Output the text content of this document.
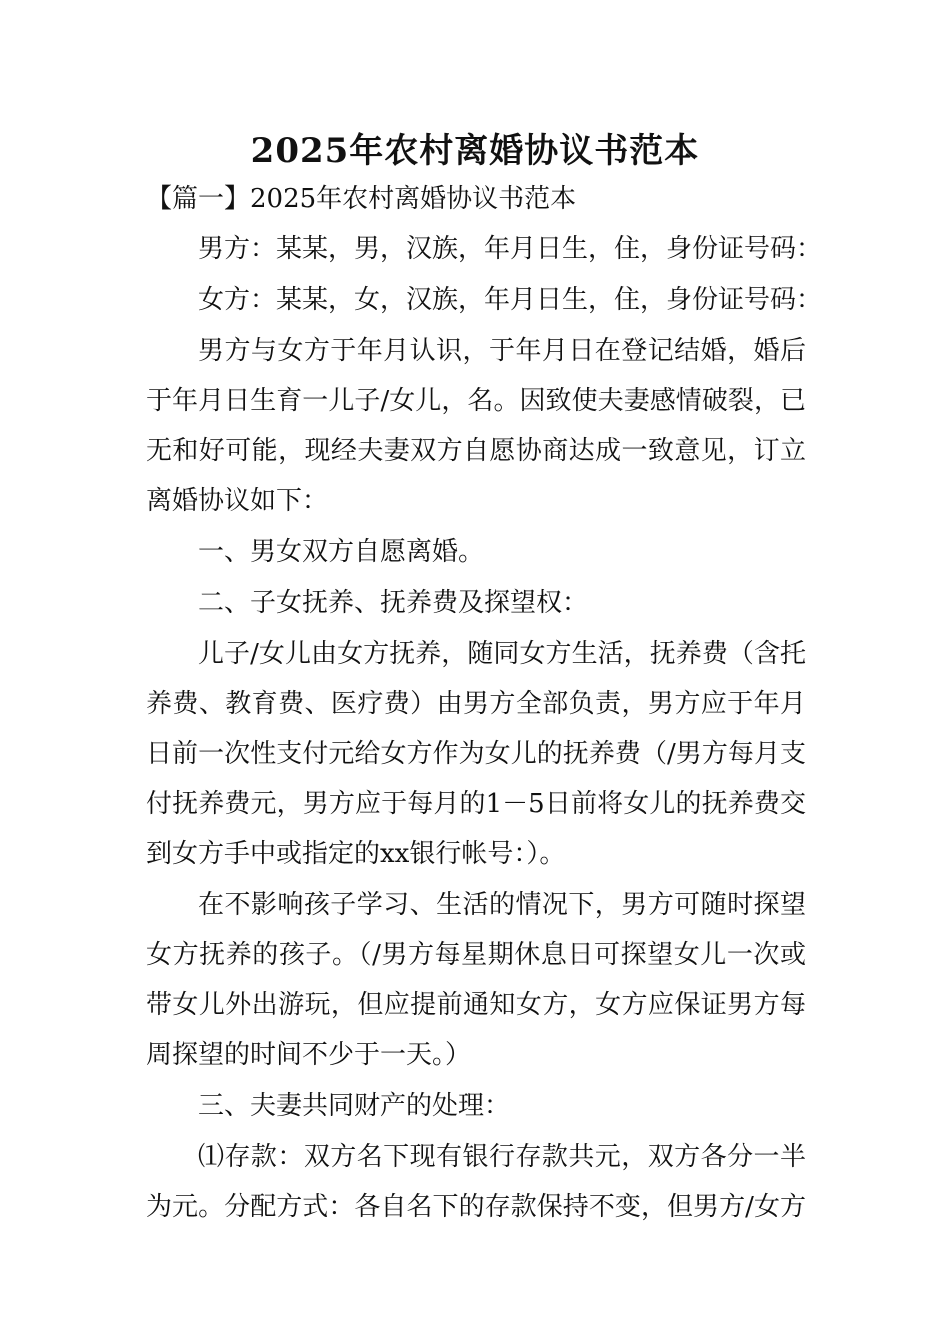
2025年农村离婚协议书范本
【篇一】2025年农村离婚协议书范本
男方：某某，男，汉族，年月日生，住，身份证号码：
女方：某某，女，汉族，年月日生，住，身份证号码：
男方与女方于年月认识，于年月日在登记结婚，婚后
于年月日生育一儿子/女儿，名。因致使夫妻感情破裂，已
无和好可能，现经夫妻双方自愿协商达成一致意见，订立
离婚协议如下：
一、男女双方自愿离婚。
二、子女抚养、抚养费及探望权：
儿子/女儿由女方抚养，随同女方生活，抚养费（含托
养费、教育费、医疗费）由男方全部负责，男方应于年月
日前一次性支付元给女方作为女儿的抚养费（/男方每月支
付抚养费元，男方应于每月的1－5日前将女儿的抚养费交
到女方手中或指定的xx银行帐号：）。
在不影响孩子学习、生活的情况下，男方可随时探望
女方抚养的孩子。（/男方每星期休息日可探望女儿一次或
带女儿外出游玩，但应提前通知女方，女方应保证男方每
周探望的时间不少于一天。）
三、夫妻共同财产的处理：
⑴存款：双方名下现有银行存款共元，双方各分一半
为元。分配方式：各自名下的存款保持不变，但男方/女方
